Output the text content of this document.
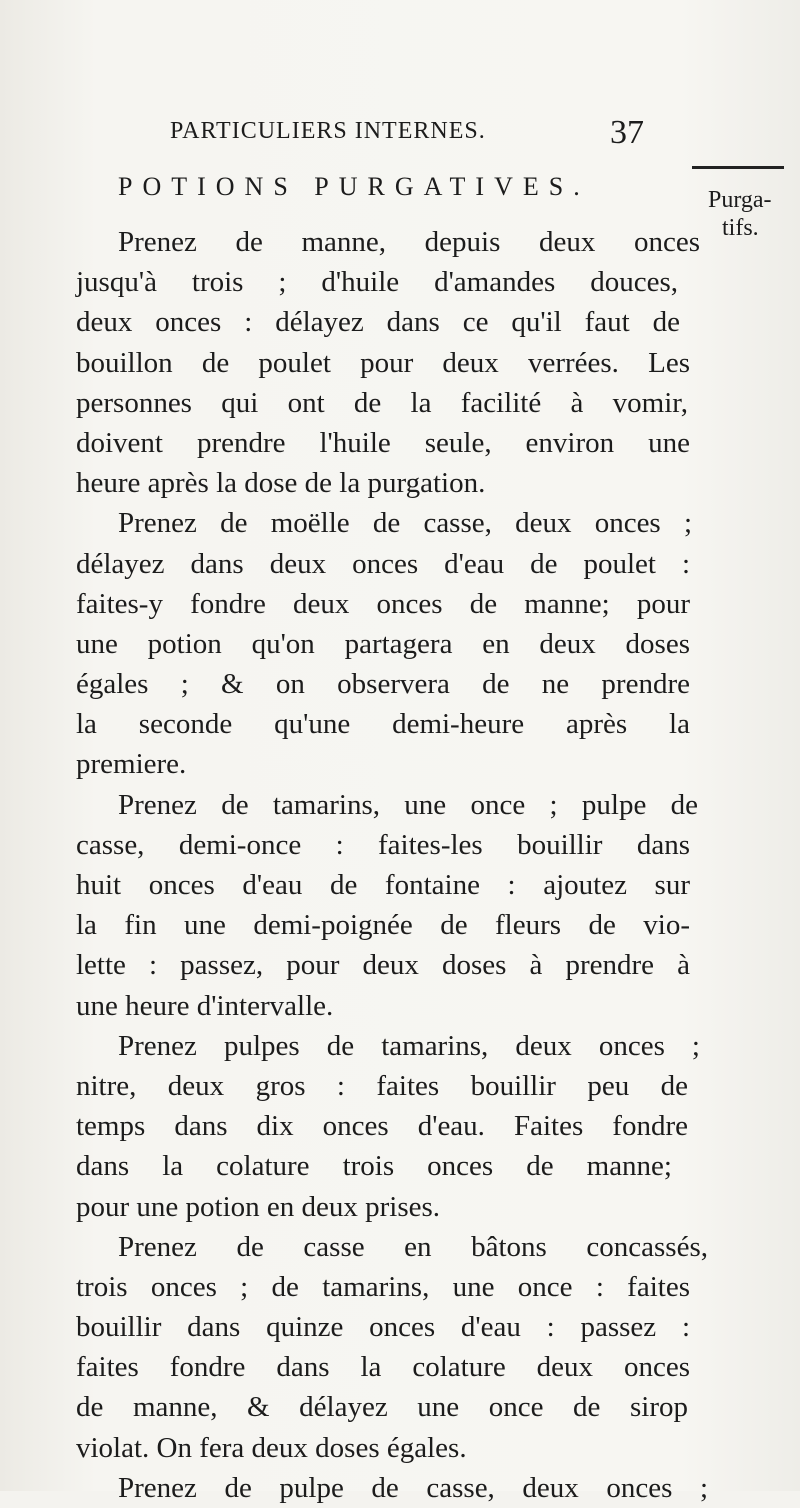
PARTICULIERS INTERNES.	37
Purga-
tifs.
POTIONS PURGATIVES.
Prenez de manne, depuis deux onces
jusqu'à trois ; d'huile d'amandes douces,
deux onces : délayez dans ce qu'il faut de
bouillon de poulet pour deux verrées. Les
personnes qui ont de la facilité à vomir,
doivent prendre l'huile seule, environ une
heure après la dose de la purgation.
Prenez de moëlle de casse, deux onces ;
délayez dans deux onces d'eau de poulet :
faites-y fondre deux onces de manne; pour
une potion qu'on partagera en deux doses
égales ; & on observera de ne prendre
la seconde qu'une demi-heure après la
premiere.
Prenez de tamarins, une once ; pulpe de
casse, demi-once : faites-les bouillir dans
huit onces d'eau de fontaine : ajoutez sur
la fin une demi-poignée de fleurs de vio-
lette : passez, pour deux doses à prendre à
une heure d'intervalle.
Prenez pulpes de tamarins, deux onces ;
nitre, deux gros : faites bouillir peu de
temps dans dix onces d'eau. Faites fondre
dans la colature trois onces de manne;
pour une potion en deux prises.
Prenez de casse en bâtons concassés,
trois onces ; de tamarins, une once : faites
bouillir dans quinze onces d'eau : passez :
faites fondre dans la colature deux onces
de manne, & délayez une once de sirop
violat. On fera deux doses égales.
Prenez de pulpe de casse, deux onces ;
